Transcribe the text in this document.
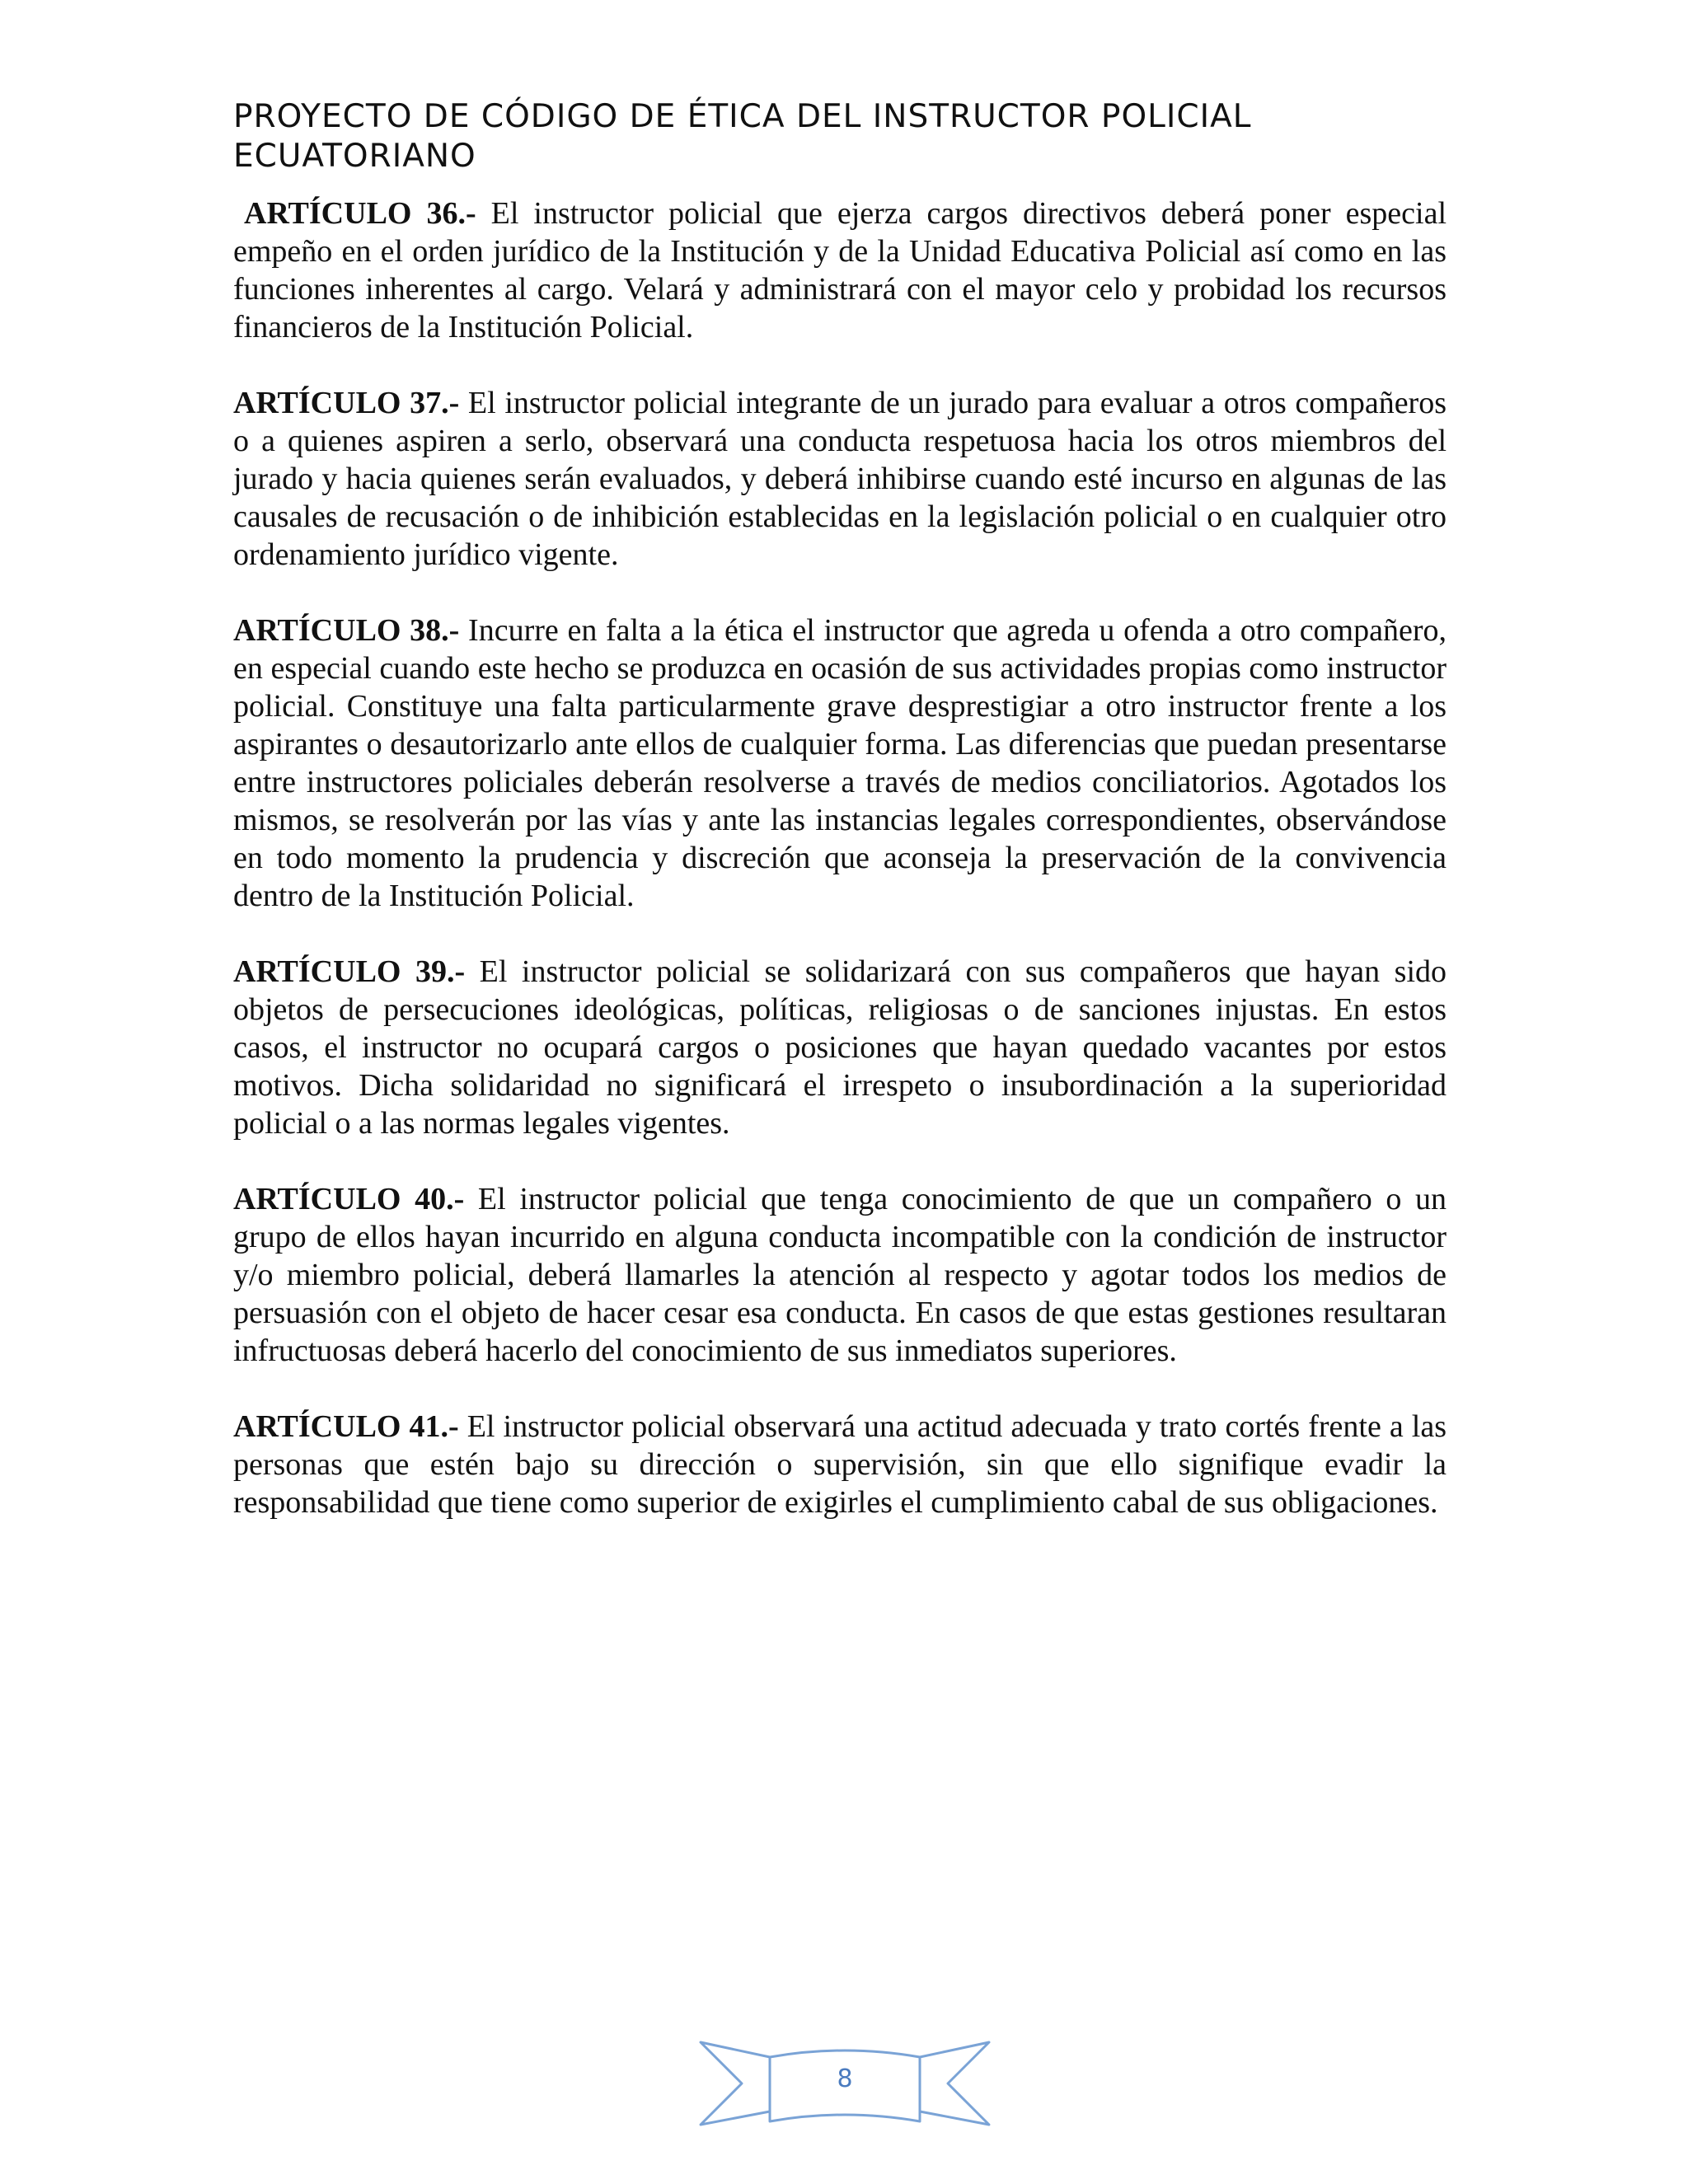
PROYECTO DE CÓDIGO DE ÉTICA DEL INSTRUCTOR POLICIAL ECUATORIANO

ARTÍCULO 36.- El instructor policial que ejerza cargos directivos deberá poner especial empeño en el orden jurídico de la Institución y de la Unidad Educativa Policial así como en las funciones inherentes al cargo. Velará y administrará con el mayor celo y probidad los recursos financieros de la Institución Policial.

ARTÍCULO 37.- El instructor policial integrante de un jurado para evaluar a otros compañeros o a quienes aspiren a serlo, observará una conducta respetuosa hacia los otros miembros del jurado y hacia quienes serán evaluados, y deberá inhibirse cuando esté incurso en algunas de las causales de recusación o de inhibición establecidas en la legislación policial o en cualquier otro ordenamiento jurídico vigente.

ARTÍCULO 38.- Incurre en falta a la ética el instructor que agreda u ofenda a otro compañero, en especial cuando este hecho se produzca en ocasión de sus actividades propias como instructor policial. Constituye una falta particularmente grave desprestigiar a otro instructor frente a los aspirantes o desautorizarlo ante ellos de cualquier forma. Las diferencias que puedan presentarse entre instructores policiales deberán resolverse a través de medios conciliatorios. Agotados los mismos, se resolverán por las vías y ante las instancias legales correspondientes, observándose en todo momento la prudencia y discreción que aconseja la preservación de la convivencia dentro de la Institución Policial.

ARTÍCULO 39.- El instructor policial se solidarizará con sus compañeros que hayan sido objetos de persecuciones ideológicas, políticas, religiosas o de sanciones injustas. En estos casos, el instructor no ocupará cargos o posiciones que hayan quedado vacantes por estos motivos. Dicha solidaridad no significará el irrespeto o insubordinación a la superioridad policial o a las normas legales vigentes.

ARTÍCULO 40.- El instructor policial que tenga conocimiento de que un compañero o un grupo de ellos hayan incurrido en alguna conducta incompatible con la condición de instructor y/o miembro policial, deberá llamarles la atención al respecto y agotar todos los medios de persuasión con el objeto de hacer cesar esa conducta. En casos de que estas gestiones resultaran infructuosas deberá hacerlo del conocimiento de sus inmediatos superiores.

ARTÍCULO 41.- El instructor policial observará una actitud adecuada y trato cortés frente a las personas que estén bajo su dirección o supervisión, sin que ello signifique evadir la responsabilidad que tiene como superior de exigirles el cumplimiento cabal de sus obligaciones.

8
